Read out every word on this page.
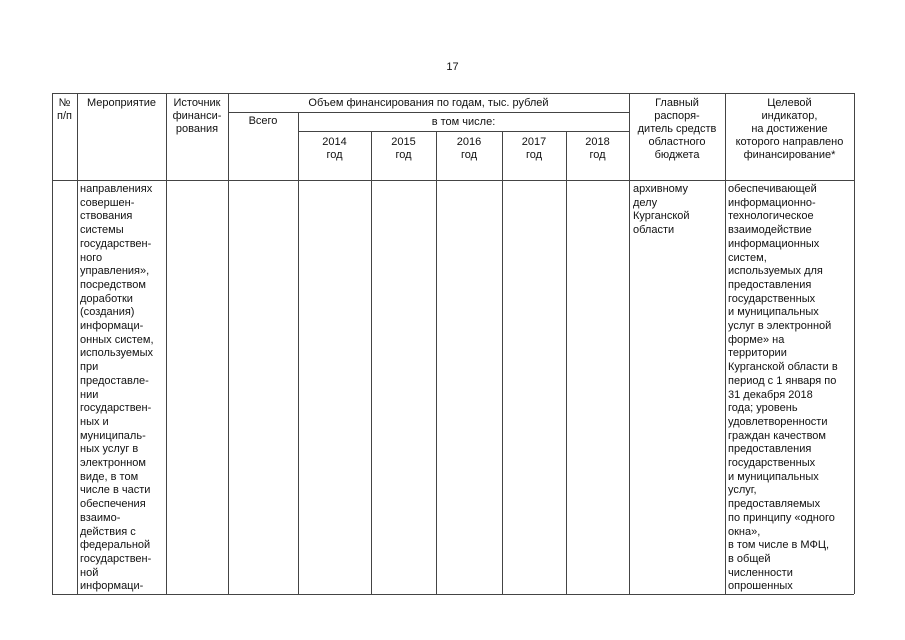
17
№
п/п
Мероприятие	Источник
финанси-
рования
Объем финансирования по годам, тыс. рублей
Всего	в том числе:
2014
год
2015
год
2016
год
2017
год
2018
год
Главный
распоря-
дитель средств
областного
бюджета
Целевой
индикатор,
на достижение
которого направлено
финансирование*
направлениях
совершен-
ствования
системы
государствен-
ного
управления»,
посредством
доработки
(создания)
информаци-
онных систем,
используемых
при
предоставле-
нии
государствен-
ных и
муниципаль-
ных услуг в
электронном
виде, в том
числе в части
обеспечения
взаимо-
действия с
федеральной
государствен-
ной
информаци-
архивному
делу
Курганской
области
обеспечивающей
информационно-
технологическое
взаимодействие
информационных
систем,
используемых для
предоставления
государственных
и муниципальных
услуг в электронной
форме» на
территории
Курганской области в
период с 1 января по
31 декабря 2018
года; уровень
удовлетворенности
граждан качеством
предоставления
государственных
и муниципальных
услуг,
предоставляемых
по принципу «одного
окна»,
в том числе в МФЦ,
в общей
численности
опрошенных
